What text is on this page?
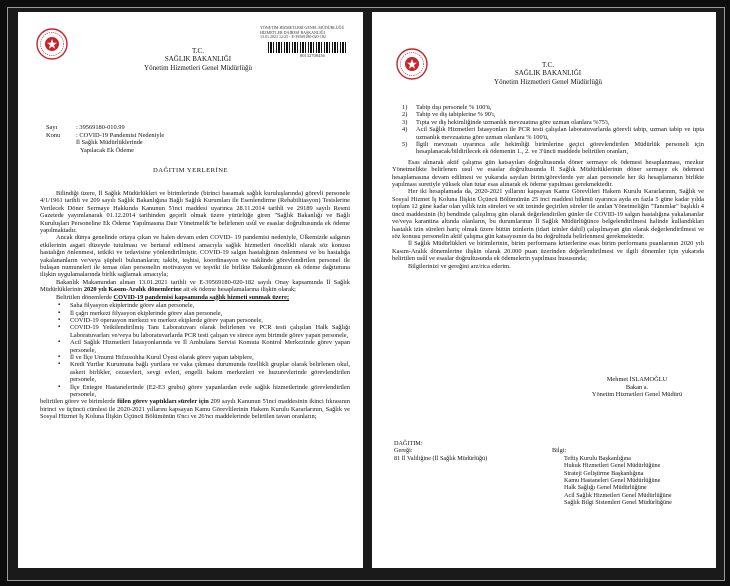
T.C.
SAĞLIK BAKANLIĞI
Yönetim Hizmetleri Genel Müdürlüğü
YÖNETİM HİZMETLERİ GENEL MÜDÜRLÜĞÜ
HİZMETLER DAİRESİ BAŞKANLIĞI
13.01.2021 12:25 - E-39569180-020-182
00132708436
Sayı	: 39569180-010.99
Konu	: COVID-19 Pandemisi Nedeniyle
İl Sağlık Müdürlüklerinde
Yapılacak Ek Ödeme
DAĞITIM YERLERİNE

Bilindiği üzere, İl Sağlık Müdürlükleri ve birimlerinde (birinci basamak sağlık kuruluşlarında) görevli personele 4/1/1961 tarihli ve 209 sayılı Sağlık Bakanlığına Bağlı Sağlık Kurumları ile Esenlendirme (Rehabilitasyon) Tesislerine Verilecek Döner Sermaye Hakkında Kanunun 5'inci maddesi uyarınca 28.11.2014 tarihli ve 29189 sayılı Resmi Gazetede yayımlanarak 01.12.2014 tarihinden geçerli olmak üzere yürürlüğe giren "Sağlık Bakanlığı ve Bağlı Kuruluşları Personeline Ek Ödeme Yapılmasına Dair Yönetmelik"te belirlenen usûl ve esaslar doğrultusunda ek ödeme yapılmaktadır.

Ancak dünya genelinde ortaya çıkan ve halen devam eden COVID- 19 pandemisi nedeniyle, Ülkemizde salgının etkilerinin asgari düzeyde tutulması ve bertaraf edilmesi amacıyla sağlık hizmetleri öncelikli olarak söz konusu hastalığın önlenmesi, tetkiki ve tedavisine yönlendirilmiştir. COVID-19 salgın hastalığının önlenmesi ve bu hastalığa yakalananların ve/veya şüpheli bulunanların; takibi, teşhisi, koordinasyon ve naklinde görevlendirilen personel ile bulaşan numuneleri ile temas olan personelin motivasyon ve teşviki ile birlikte Bakanlığımızın ek ödeme dağıtımına ilişkin uygulamalarında birlik sağlamak amacıyla;

Bakanlık Makamından alınan 13.01.2021 tarihli ve E-39569180-020-182 sayılı Onay kapsamında İl Sağlık Müdürlüklerinin 2020 yılı Kasım-Aralık dönemlerine ait ek ödeme hesaplamalarına ilişkin olarak;

Belirtilen dönemlerde COVID-19 pandemisi kapsamında sağlık hizmeti sunmak üzere;

▪ Saha filyasyon ekiplerinde görev alan personele,
▪ İl çağrı merkezi filyasyon ekiplerinde görev alan personele,
▪ COVID-19 operasyon merkezi ve merkez ekiplerde görev yapan personele,
▪ COVID-19 Yetkilendirilmiş Tanı Laboratuvarı olarak belirlenen ve PCR testi çalışılan Halk Sağlığı Laboratuvarları ve/veya bu laboratuvarlarda PCR testi çalışan ve sürece aynı birimde görev yapan personele,
▪ Acil Sağlık Hizmetleri İstasyonlarında ve İl Ambulans Servisi Komuta Kontrol Merkezinde görev yapan personele,
▪ İl ve İlçe Umumi Hıfzıssıhha Kurul Üyesi olarak görev yapan tabiplere,
▪ Kredi Yurtlar Kurumuna bağlı yurtlara ve vaka çıkması durumunda özellikli gruplar olarak belirlenen okul, askeri birlikler, cezaevleri, sevgi evleri, engelli bakım merkezleri ve huzurevlerinde görevlendirilen personele,
▪ İlçe Entegre Hastanelerinde (E2-E3 grubu) görev yapanlardan evde sağlık hizmetlerinde görevlendirilen personele,

belirtilen görev ve birimlerde fiilen görev yaptıkları süreler için 209 sayılı Kanunun 5'inci maddesinin ikinci fıkrasının birinci ve üçüncü cümlesi ile 2020-2021 yıllarını kapsayan Kamu Görevlilerinin Hakem Kurulu Kararlarının, Sağlık ve Sosyal Hizmet İş Koluna İlişkin Üçüncü Bölümünün 6'ncı ve 26'ncı maddelerinde belirtilen tavan oranların;

T.C.
SAĞLIK BAKANLIĞI
Yönetim Hizmetleri Genel Müdürlüğü
1)	Tabip dışı personele % 100'ü,
2)	Tabip ve diş tabiplerine % 90'ı,
3)	Tıpta ve diş hekimliğinde uzmanlık mevzuatına göre uzman olanlara %75'i,
4)	Acil Sağlık Hizmetleri İstasyonları ile PCR testi çalışılan laboratuvarlarda görevli tabip, uzman tabip ve tıpta uzmanlık mevzuatına göre uzman olanlara % 100'ü,
5)	İlgili mevzuatı uyarınca aile hekimliği birimlerine geçici görevlendirilen Müdürlük personeli için hesaplanacak/bildirilecek ek ödemenin 1., 2. ve 3'üncü maddede belirtilen oranları,

Esas alınarak aktif çalışma gün katsayıları doğrultusunda döner sermaye ek ödemesi hesaplanması, mezkur Yönetmelikte belirlenen usul ve esaslar doğrultusunda İl Sağlık Müdürlüklerinin döner sermaye ek ödemesi hesaplamasına devam edilmesi ve yukarıda sayılan birim/görevlerde yer alan personele her iki hesaplamanın birlikte yapılması suretiyle yüksek olan tutar esas alınarak ek ödeme yapılması gerekmektedir.

Her iki hesaplamada da, 2020-2021 yıllarını kapsayan Kamu Görevlileri Hakem Kurulu Kararlarının, Sağlık ve Sosyal Hizmet İş Koluna İlişkin Üçüncü Bölümünün 25 inci maddesi hükmü uyarınca ayda en fazla 5 güne kadar yılda toplam 12 güne kadar olan yıllık izin süreleri ve süt izninde geçirilen süreler ile anılan Yönetmeliğin "Tanımlar" başlıklı 4 üncü maddesinin (h) bendinde çalışılmış gün olarak değerlendirilen günler ile COVID-19 salgın hastalığına yakalananlar ve/veya karantina altında olanların, bu durumlarının İl Sağlık Müdürlüğünce belgelendirilmesi halinde kullandıkları hastalık izin süreleri hariç olmak üzere bütün izinlerin (idari izinler dahil) çalışılmayan gün olarak değerlendirilmesi ve söz konusu personelin aktif çalışma gün katsayısının da bu doğrultuda belirlenmesi gerekmektedir.

İl Sağlık Müdürlükleri ve birimlerinin, birim performans kriterlerine esas birim performans puanlarının 2020 yılı Kasım-Aralık dönemlerine ilişkin olarak 20.000 puan üzerinden değerlendirilmesi ve ilgili dönemler için yukarıda belirtilen usûl ve esaslar doğrultusunda ek ödemelerin yapılması hususunda;

Bilgilerinizi ve gereğini arz/rica ederim.

Mehmet İSLAMOĞLU
Bakan a.
Yönetim Hizmetleri Genel Müdürü
DAĞITIM:
Gereği:
81 İl Valiliğine (İl Sağlık Müdürlüğü)
Bilgi:
Teftiş Kurulu Başkanlığına
Hukuk Hizmetleri Genel Müdürlüğüne
Strateji Geliştirme Başkanlığına
Kamu Hastaneleri Genel Müdürlüğüne
Halk Sağlığı Genel Müdürlüğüne
Acil Sağlık Hizmetleri Genel Müdürlüğüne
Sağlık Bilgi Sistemleri Genel Müdürlüğüne
